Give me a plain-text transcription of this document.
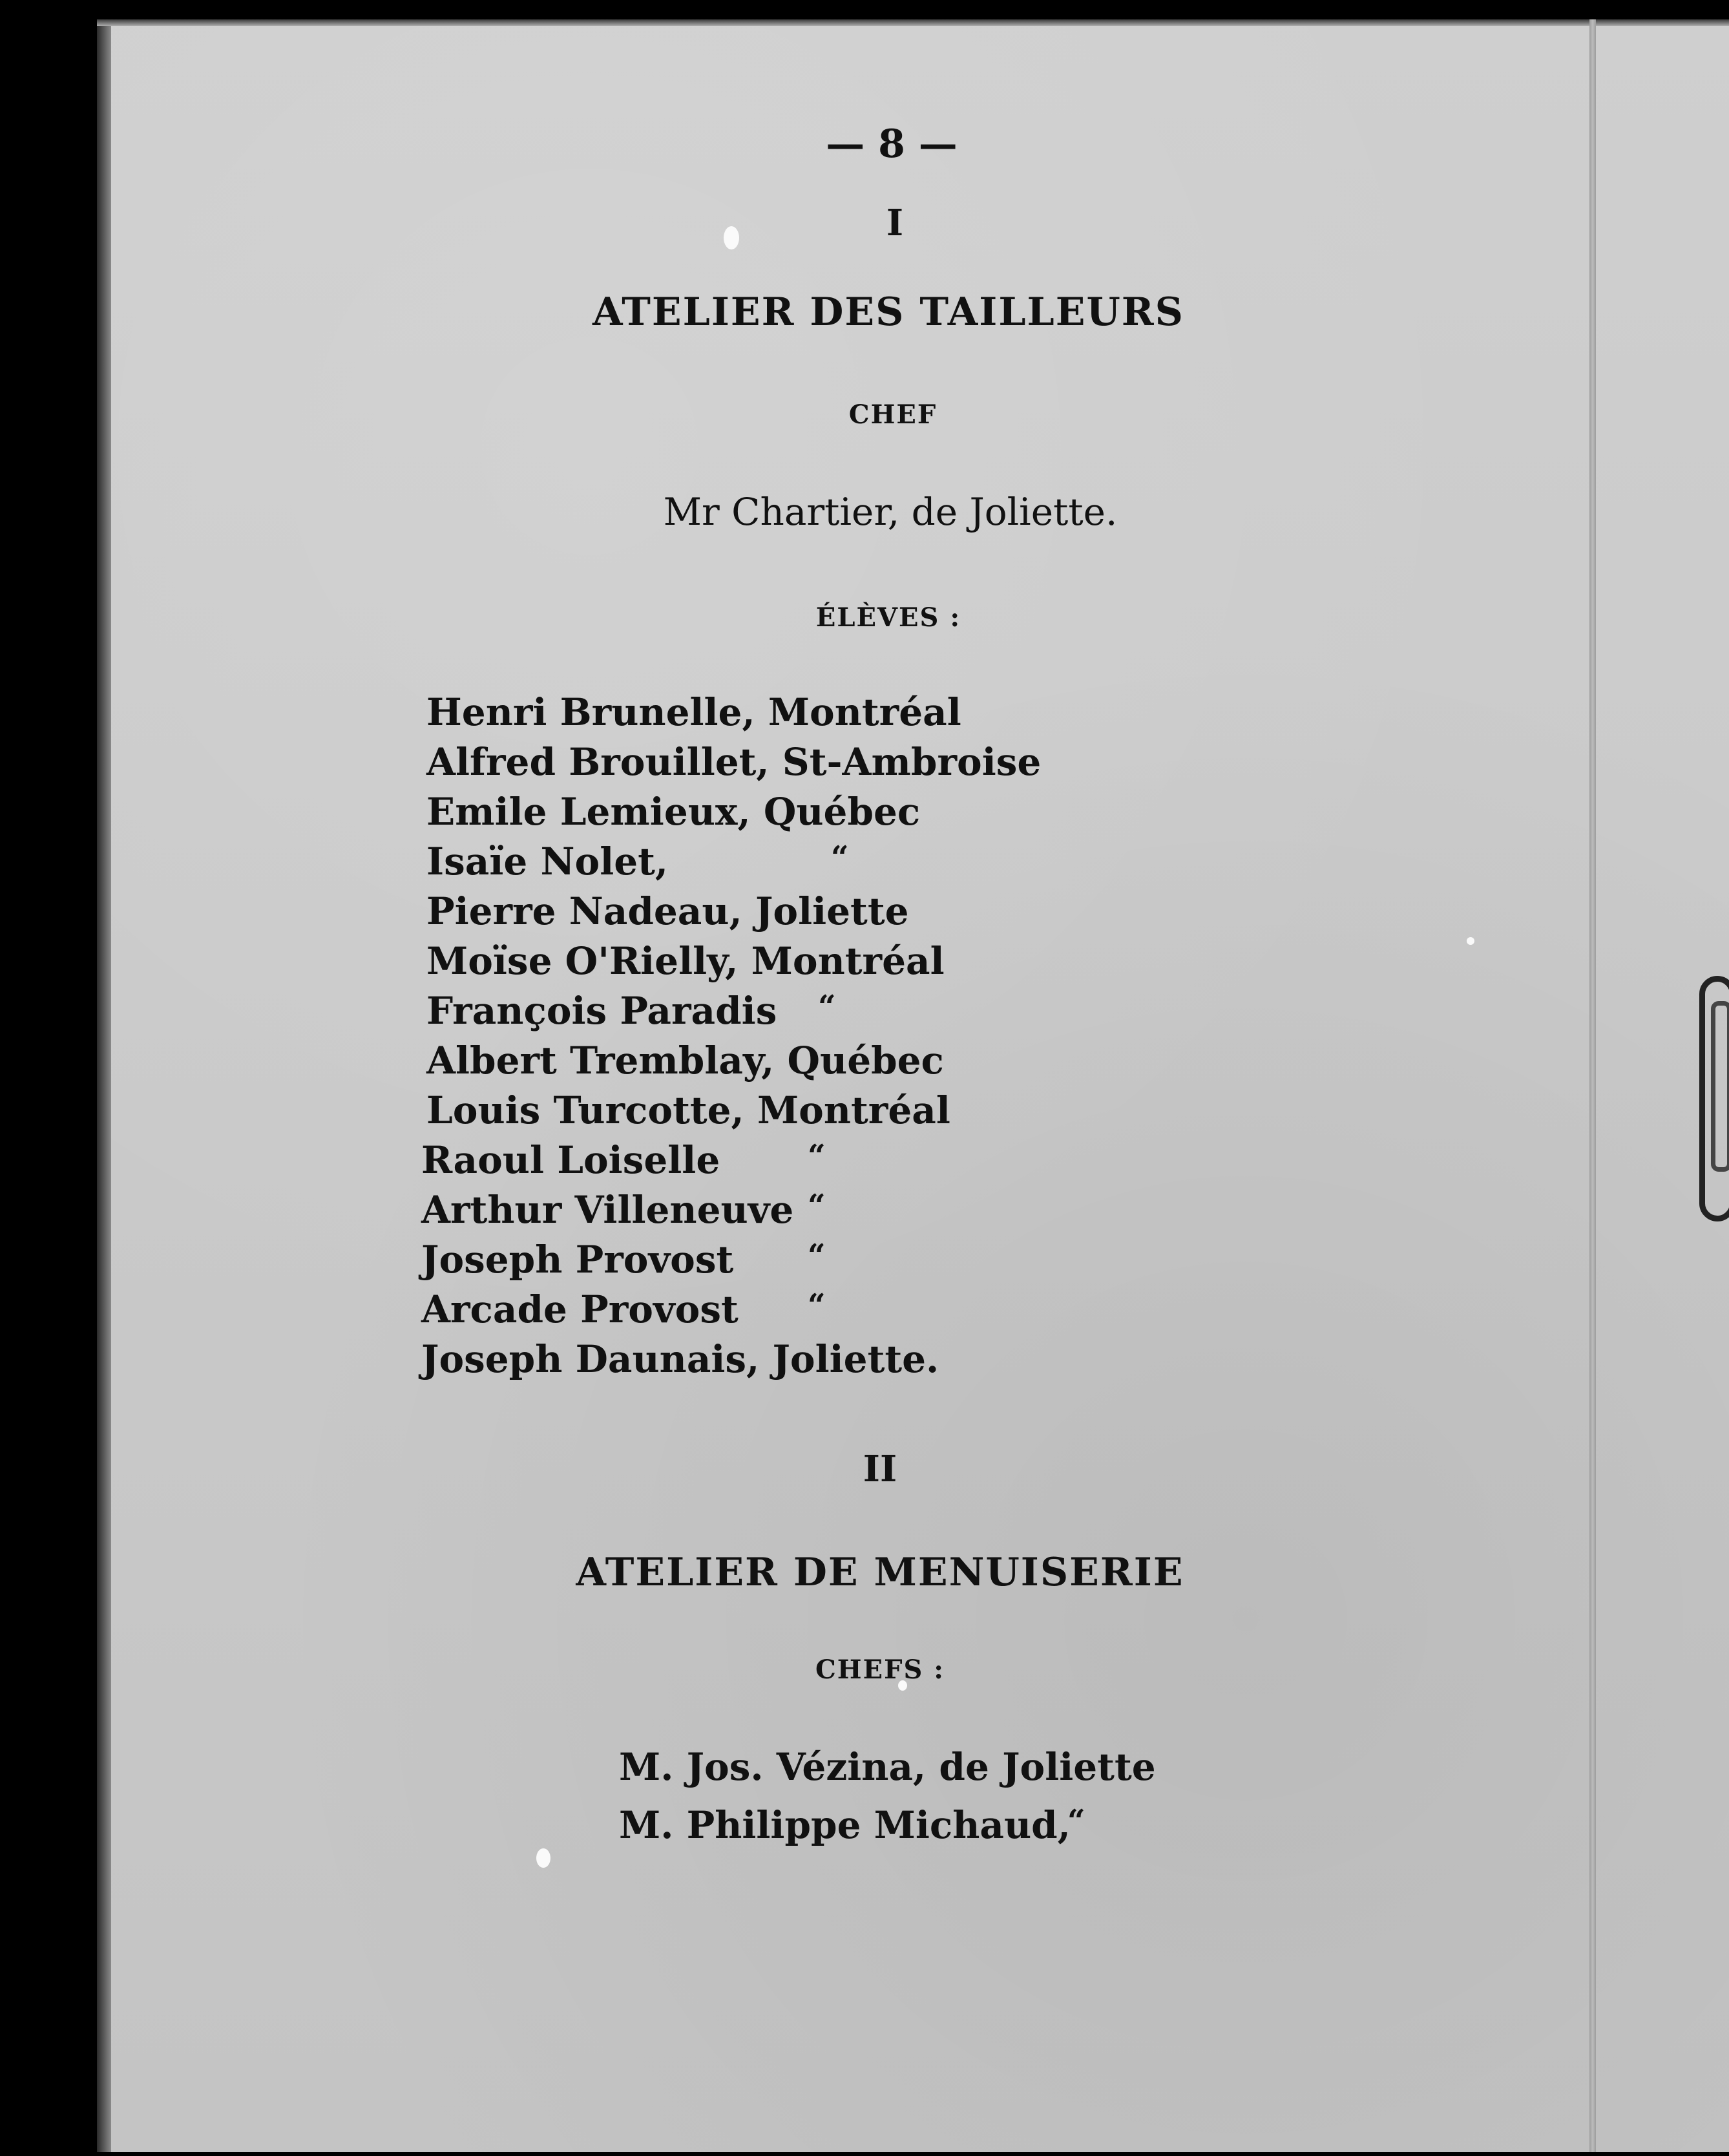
— 8 —
I
ATELIER DES TAILLEURS
CHEF
Mr Chartier, de Joliette.
ÉLÈVES :
Henri Brunelle, Montréal
Alfred Brouillet, St-Ambroise
Emile Lemieux, Québec
Isaïe Nolet,	“
Pierre Nadeau, Joliette
Moïse O'Rielly, Montréal
François Paradis “
Albert Tremblay, Québec
Louis Turcotte, Montréal
Raoul Loiselle	“
Arthur Villeneuve “
Joseph Provost “
Arcade Provost “
Joseph Daunais, Joliette.
II
ATELIER DE MENUISERIE
CHEFS :
M. Jos. Vézina, de Joliette
M. Philippe Michaud,
“
